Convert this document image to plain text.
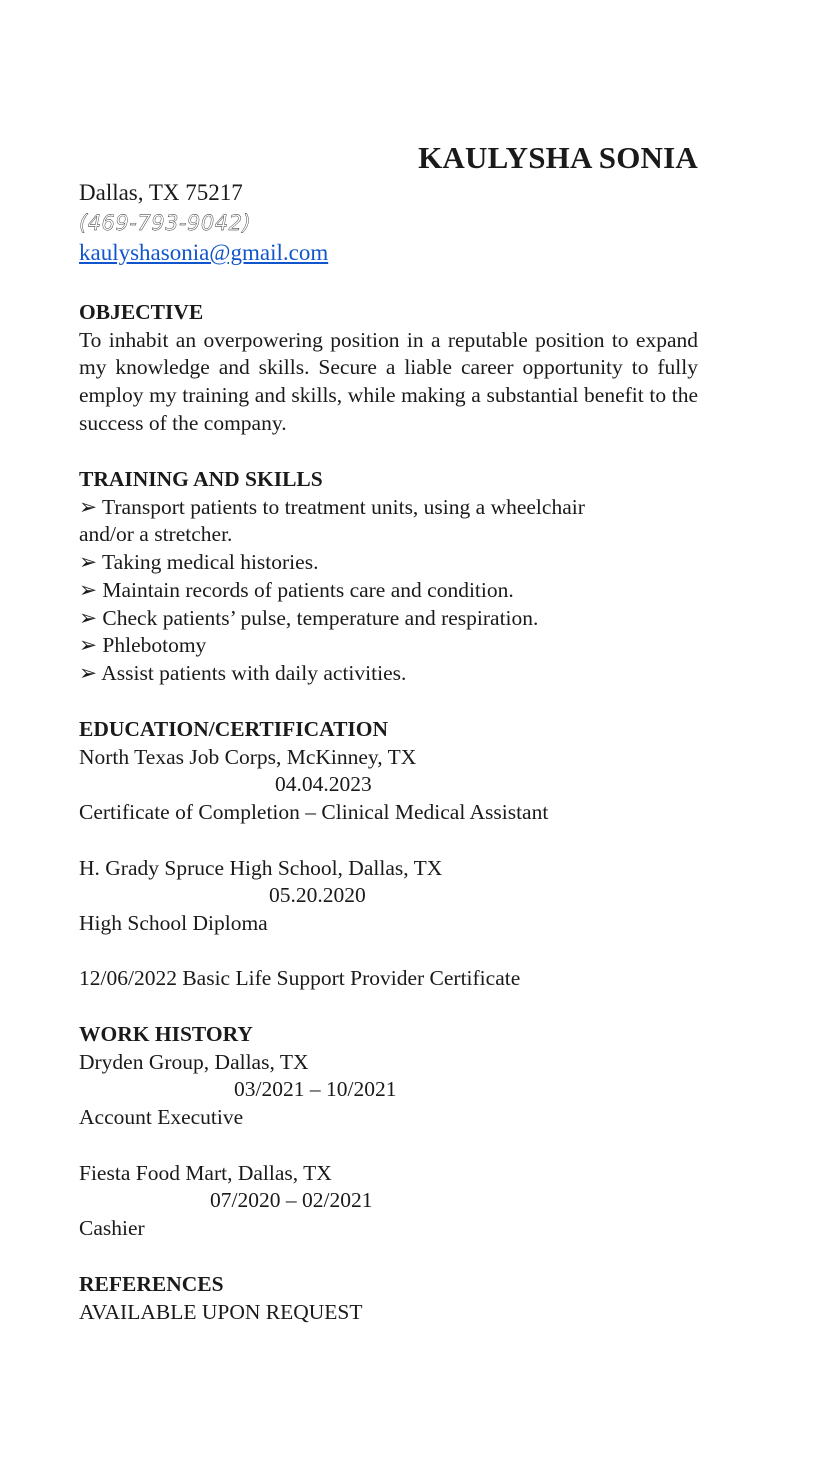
KAULYSHA SONIA
Dallas, TX 75217
(469-793-9042)
kaulyshasonia@gmail.com
OBJECTIVE
To inhabit an overpowering position in a reputable position to expand my knowledge and skills. Secure a liable career opportunity to fully employ my training and skills, while making a substantial benefit to the success of the company.
TRAINING AND SKILLS
➢ Transport patients to treatment units, using a wheelchair
and/or a stretcher.
➢ Taking medical histories.
➢ Maintain records of patients care and condition.
➢ Check patients’ pulse, temperature and respiration.
➢ Phlebotomy
➢ Assist patients with daily activities.
EDUCATION/CERTIFICATION
North Texas Job Corps, McKinney, TX
04.04.2023
Certificate of Completion – Clinical Medical Assistant
H. Grady Spruce High School, Dallas, TX
05.20.2020
High School Diploma
12/06/2022 Basic Life Support Provider Certificate
WORK HISTORY
Dryden Group, Dallas, TX
03/2021 – 10/2021
Account Executive
Fiesta Food Mart, Dallas, TX
07/2020 – 02/2021
Cashier
REFERENCES
AVAILABLE UPON REQUEST
